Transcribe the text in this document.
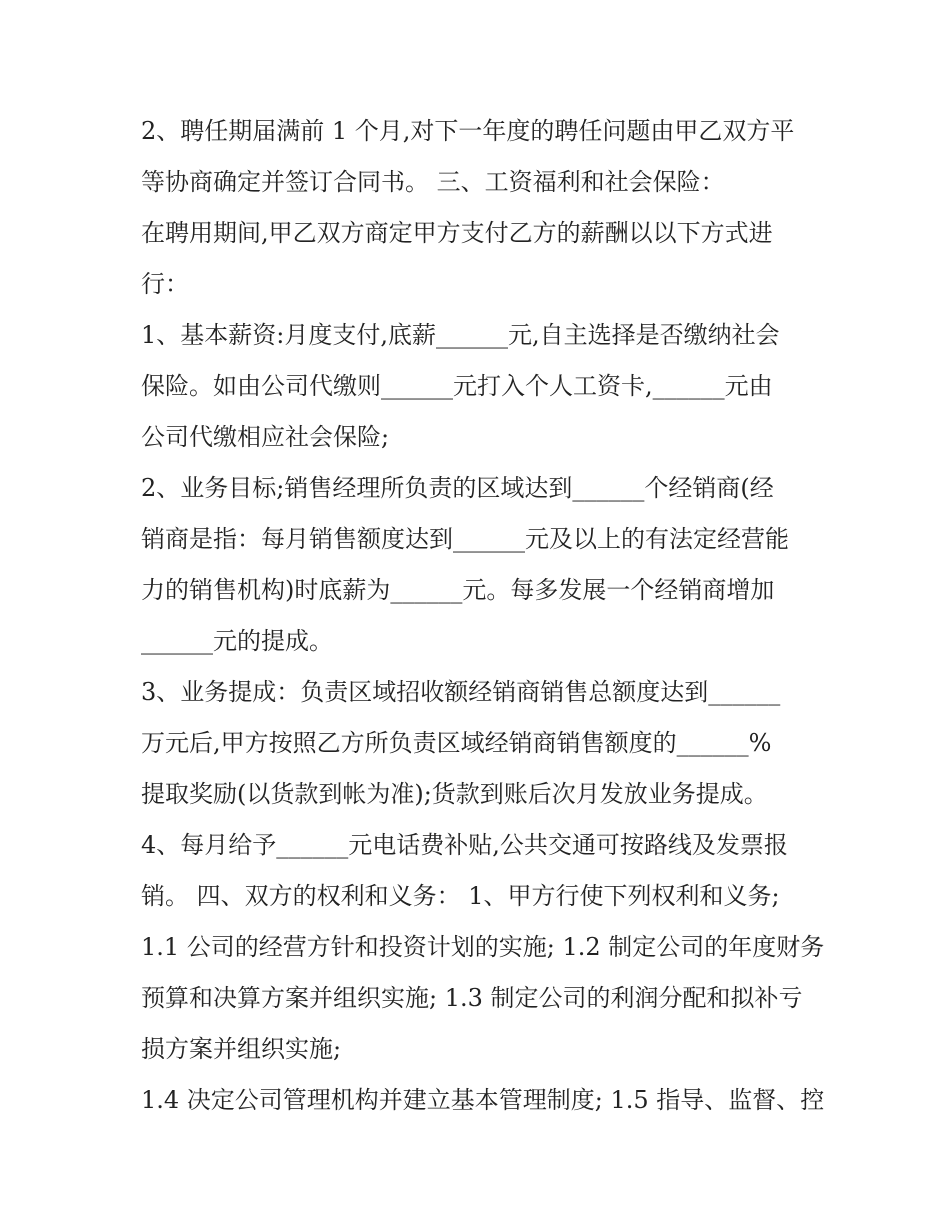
2、聘任期届满前 1 个月,对下一年度的聘任问题由甲乙双方平
等协商确定并签订合同书。 三、工资福利和社会保险：
在聘用期间,甲乙双方商定甲方支付乙方的薪酬以以下方式进
行：
1、基本薪资:月度支付,底薪______元,自主选择是否缴纳社会
保险。如由公司代缴则______元打入个人工资卡,______元由
公司代缴相应社会保险;
2、业务目标;销售经理所负责的区域达到______个经销商(经
销商是指：每月销售额度达到______元及以上的有法定经营能
力的销售机构)时底薪为______元。每多发展一个经销商增加
______元的提成。
3、业务提成：负责区域招收额经销商销售总额度达到______
万元后,甲方按照乙方所负责区域经销商销售额度的______%
提取奖励(以货款到帐为准);货款到账后次月发放业务提成。
4、每月给予______元电话费补贴,公共交通可按路线及发票报
销。 四、双方的权利和义务： 1、甲方行使下列权利和义务;
1.1 公司的经营方针和投资计划的实施; 1.2 制定公司的年度财务
预算和决算方案并组织实施; 1.3 制定公司的利润分配和拟补亏
损方案并组织实施;
1.4 决定公司管理机构并建立基本管理制度; 1.5 指导、监督、控
